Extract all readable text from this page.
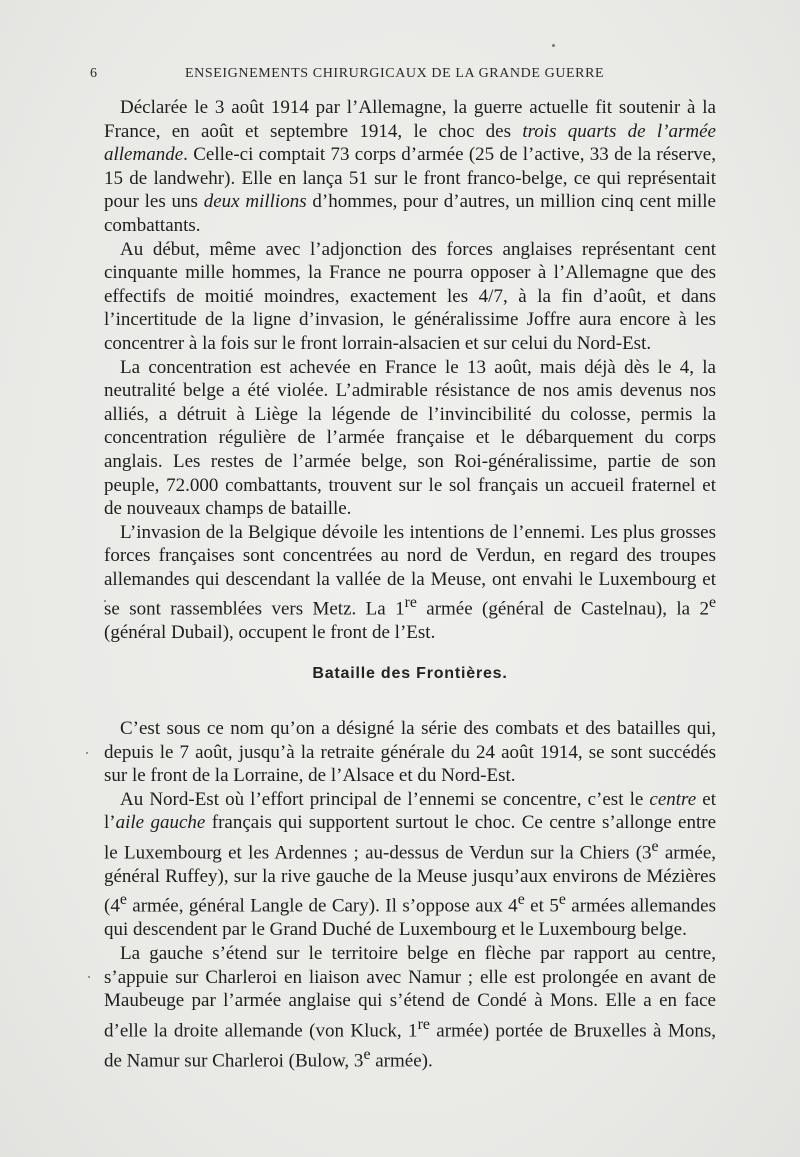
6	ENSEIGNEMENTS CHIRURGICAUX DE LA GRANDE GUERRE

Déclarée le 3 août 1914 par l’Allemagne, la guerre actuelle fit soutenir à la France, en août et septembre 1914, le choc des trois quarts de l’armée allemande. Celle-ci comptait 73 corps d’armée (25 de l’active, 33 de la réserve, 15 de landwehr). Elle en lança 51 sur le front franco-belge, ce qui représentait pour les uns deux millions d’hommes, pour d’autres, un million cinq cent mille combattants.

Au début, même avec l’adjonction des forces anglaises représentant cent cinquante mille hommes, la France ne pourra opposer à l’Allemagne que des effectifs de moitié moindres, exactement les 4/7, à la fin d’août, et dans l’incertitude de la ligne d’invasion, le généralissime Joffre aura encore à les concentrer à la fois sur le front lorrain-alsacien et sur celui du Nord-Est.

La concentration est achevée en France le 13 août, mais déjà dès le 4, la neutralité belge a été violée. L’admirable résistance de nos amis devenus nos alliés, a détruit à Liège la légende de l’invincibilité du colosse, permis la concentration régulière de l’armée française et le débarquement du corps anglais. Les restes de l’armée belge, son Roi-généralissime, partie de son peuple, 72.000 combattants, trouvent sur le sol français un accueil fraternel et de nouveaux champs de bataille.

L’invasion de la Belgique dévoile les intentions de l’ennemi. Les plus grosses forces françaises sont concentrées au nord de Verdun, en regard des troupes allemandes qui descendant la vallée de la Meuse, ont envahi le Luxembourg et se sont rassemblées vers Metz. La 1re armée (général de Castelnau), la 2e (général Dubail), occupent le front de l’Est.

Bataille des Frontières.

C’est sous ce nom qu’on a désigné la série des combats et des batailles qui, depuis le 7 août, jusqu’à la retraite générale du 24 août 1914, se sont succédés sur le front de la Lorraine, de l’Alsace et du Nord-Est.

Au Nord-Est où l’effort principal de l’ennemi se concentre, c’est le centre et l’aile gauche français qui supportent surtout le choc. Ce centre s’allonge entre le Luxembourg et les Ardennes ; au-dessus de Verdun sur la Chiers (3e armée, général Ruffey), sur la rive gauche de la Meuse jusqu’aux environs de Mézières (4e armée, général Langle de Cary). Il s’oppose aux 4e et 5e armées allemandes qui descendent par le Grand Duché de Luxembourg et le Luxembourg belge.

La gauche s’étend sur le territoire belge en flèche par rapport au centre, s’appuie sur Charleroi en liaison avec Namur ; elle est prolongée en avant de Maubeuge par l’armée anglaise qui s’étend de Condé à Mons. Elle a en face d’elle la droite allemande (von Kluck, 1re armée) portée de Bruxelles à Mons, de Namur sur Charleroi (Bulow, 3e armée).
